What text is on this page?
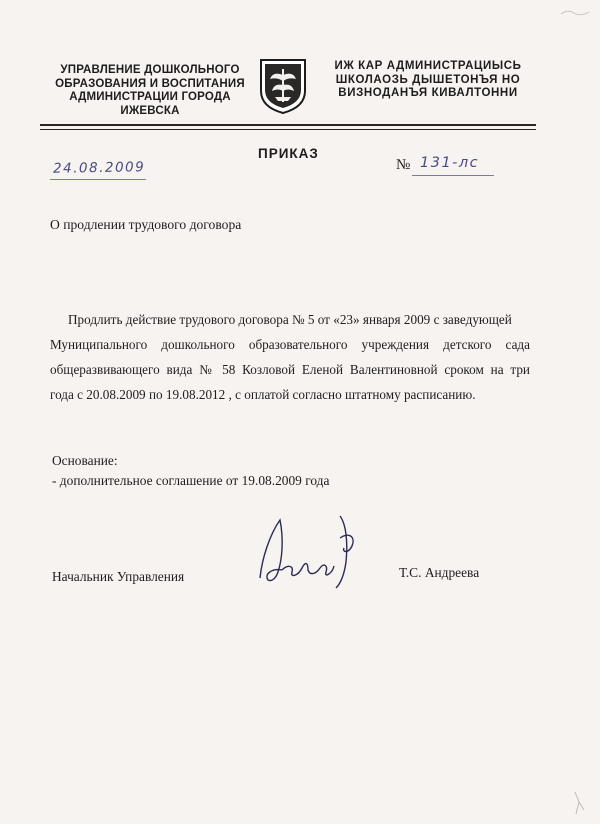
УПРАВЛЕНИЕ ДОШКОЛЬНОГО
ОБРАЗОВАНИЯ И ВОСПИТАНИЯ
АДМИНИСТРАЦИИ ГОРОДА
ИЖЕВСКА
ИЖ КАР АДМИНИСТРАЦИЫСЬ
ШКОЛАОЗЬ ДЫШЕТОНЪЯ НО
ВИЗНОДАНЪЯ КИВАЛТОННИ
ПРИКАЗ
24.08.2009	№ 131-лс
О продлении трудового договора
Продлить действие трудового договора № 5 от «23» января 2009 с заведующей
Муниципального дошкольного образовательного учреждения детского сада
общеразвивающего вида № 58 Козловой Еленой Валентиновной сроком на три
года с 20.08.2009 по 19.08.2012 , с оплатой согласно штатному расписанию.
Основание:
- дополнительное соглашение от 19.08.2009 года
Начальник Управления	Т.С. Андреева
